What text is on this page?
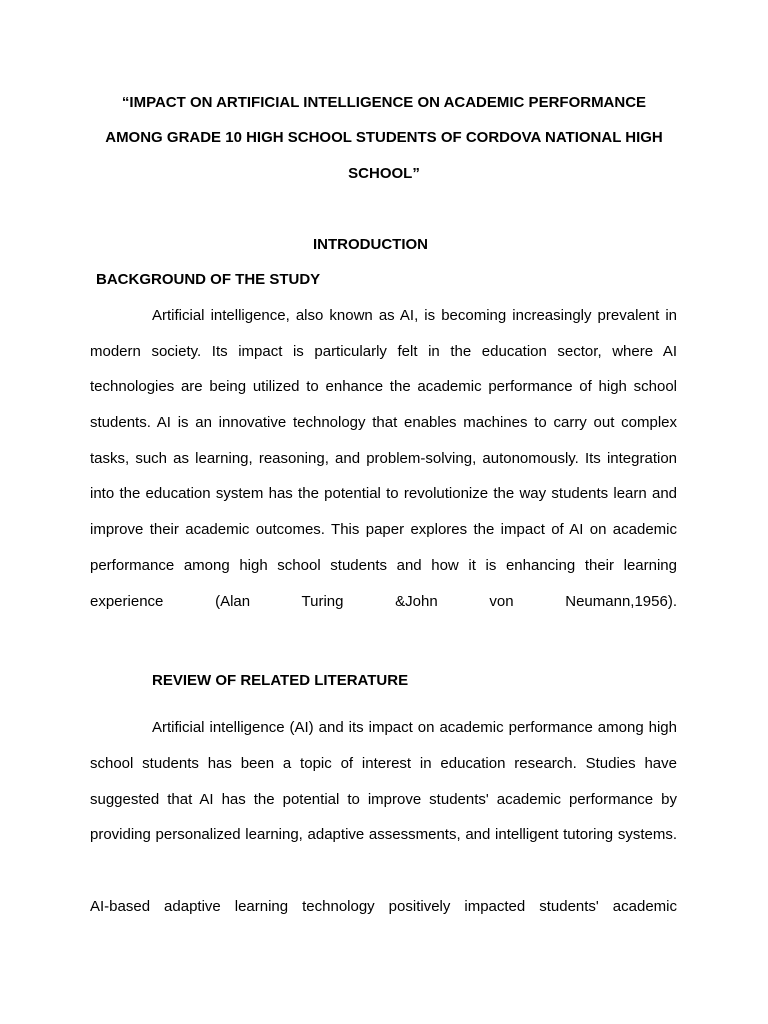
“IMPACT ON ARTIFICIAL INTELLIGENCE ON ACADEMIC PERFORMANCE
AMONG GRADE 10 HIGH SCHOOL STUDENTS OF CORDOVA NATIONAL HIGH
SCHOOL”
INTRODUCTION
BACKGROUND OF THE STUDY
Artificial intelligence, also known as AI, is becoming increasingly prevalent in
modern society. Its impact is particularly felt in the education sector, where AI
technologies are being utilized to enhance the academic performance of high school
students. AI is an innovative technology that enables machines to carry out complex
tasks, such as learning, reasoning, and problem-solving, autonomously. Its integration
into the education system has the potential to revolutionize the way students learn and
improve their academic outcomes. This paper explores the impact of AI on academic
performance among high school students and how it is enhancing their learning
experience (Alan Turing &John von Neumann,1956).
REVIEW OF RELATED LITERATURE
Artificial intelligence (AI) and its impact on academic performance among high
school students has been a topic of interest in education research. Studies have
suggested that AI has the potential to improve students' academic performance by
providing personalized learning, adaptive assessments, and intelligent tutoring systems.
AI-based adaptive learning technology positively impacted students' academic
